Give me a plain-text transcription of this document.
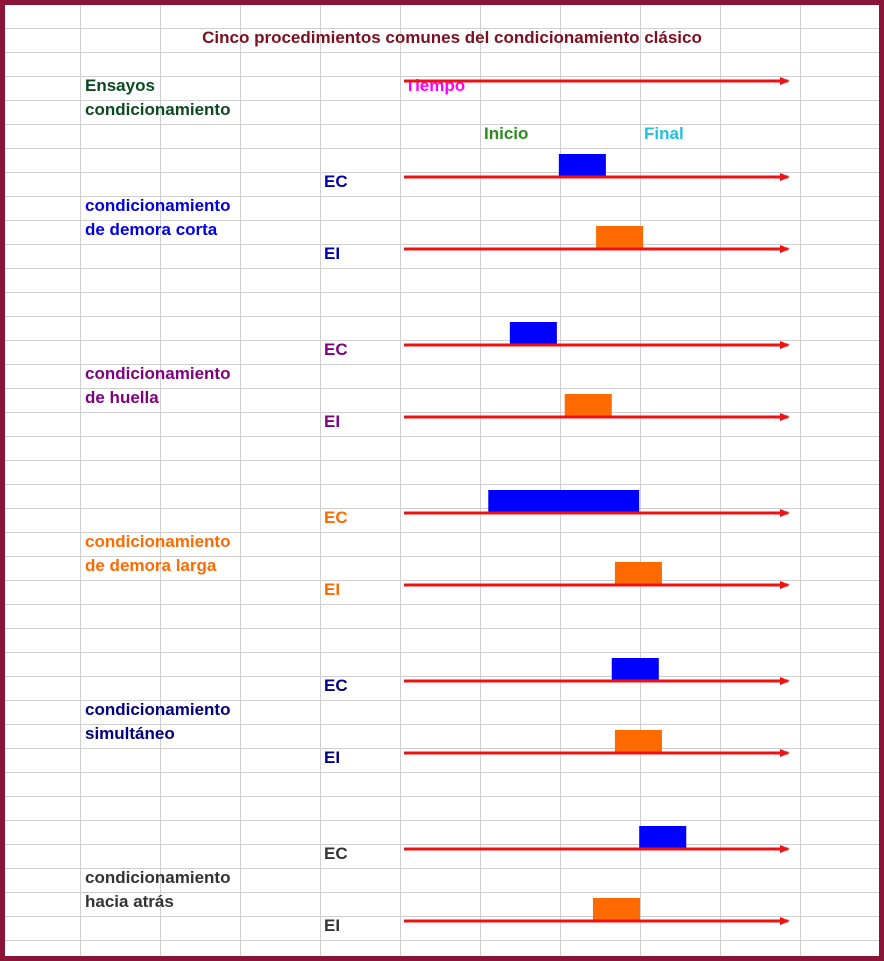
Cinco procedimientos comunes del condicionamiento clásico
Ensayos
condicionamiento
Tiempo
Inicio	Final
condicionamiento
de demora corta
EC
EI
condicionamiento
de huella
EC
EI
condicionamiento
de demora larga
EC
EI
condicionamiento
simultáneo
EC
EI
condicionamiento
hacia atrás
EC
EI
